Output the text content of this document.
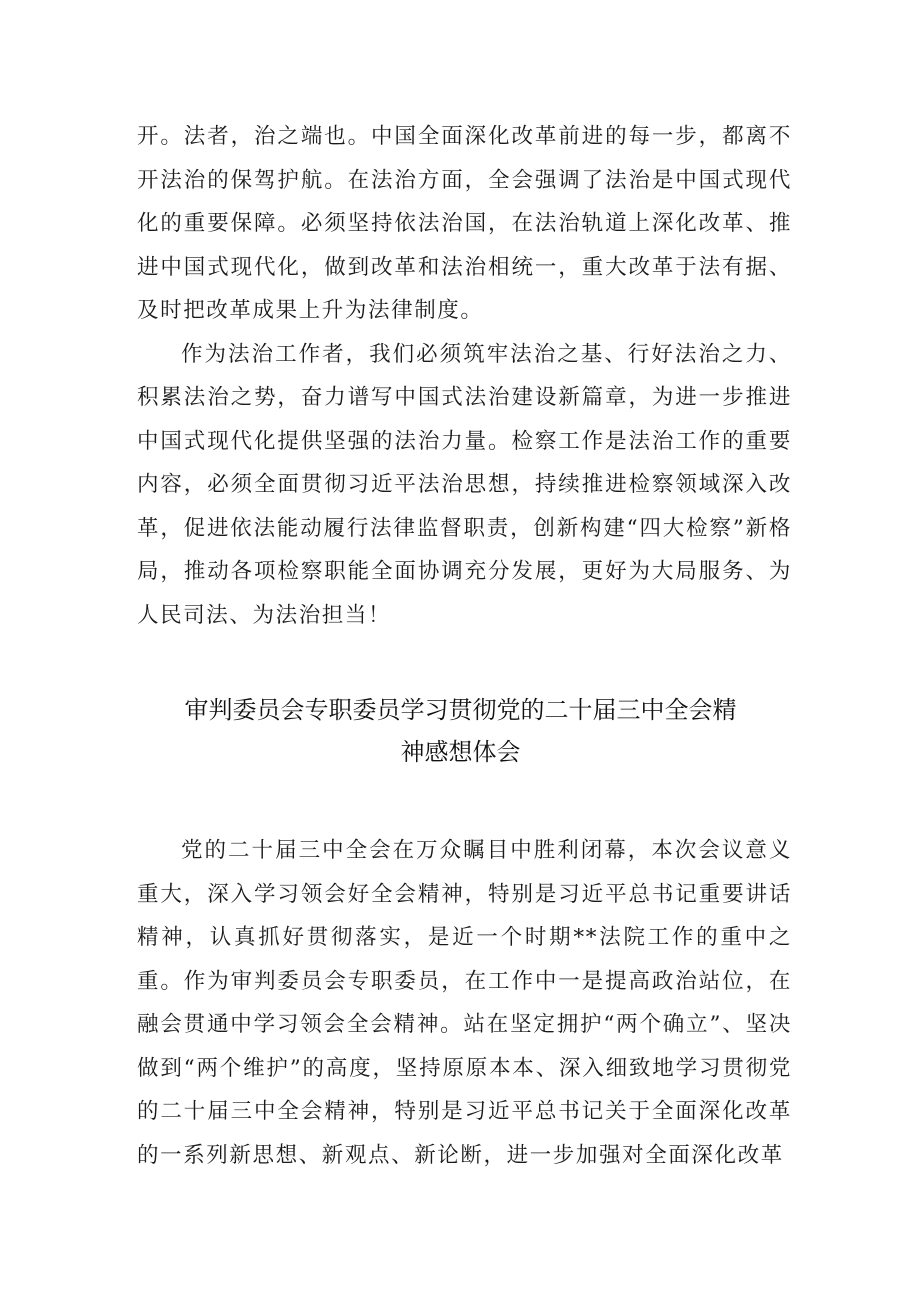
开。法者，治之端也。中国全面深化改革前进的每一步，都离不开法治的保驾护航。在法治方面，全会强调了法治是中国式现代化的重要保障。必须坚持依法治国，在法治轨道上深化改革、推进中国式现代化，做到改革和法治相统一，重大改革于法有据、及时把改革成果上升为法律制度。

作为法治工作者，我们必须筑牢法治之基、行好法治之力、积累法治之势，奋力谱写中国式法治建设新篇章，为进一步推进中国式现代化提供坚强的法治力量。检察工作是法治工作的重要内容，必须全面贯彻习近平法治思想，持续推进检察领域深入改革，促进依法能动履行法律监督职责，创新构建“四大检察”新格局，推动各项检察职能全面协调充分发展，更好为大局服务、为人民司法、为法治担当！

审判委员会专职委员学习贯彻党的二十届三中全会精
神感想体会

党的二十届三中全会在万众瞩目中胜利闭幕，本次会议意义重大，深入学习领会好全会精神，特别是习近平总书记重要讲话精神，认真抓好贯彻落实，是近一个时期**法院工作的重中之重。作为审判委员会专职委员，在工作中一是提高政治站位，在融会贯通中学习领会全会精神。站在坚定拥护“两个确立”、坚决做到“两个维护”的高度，坚持原原本本、深入细致地学习贯彻党的二十届三中全会精神，特别是习近平总书记关于全面深化改革的一系列新思想、新观点、新论断，进一步加强对全面深化改革
